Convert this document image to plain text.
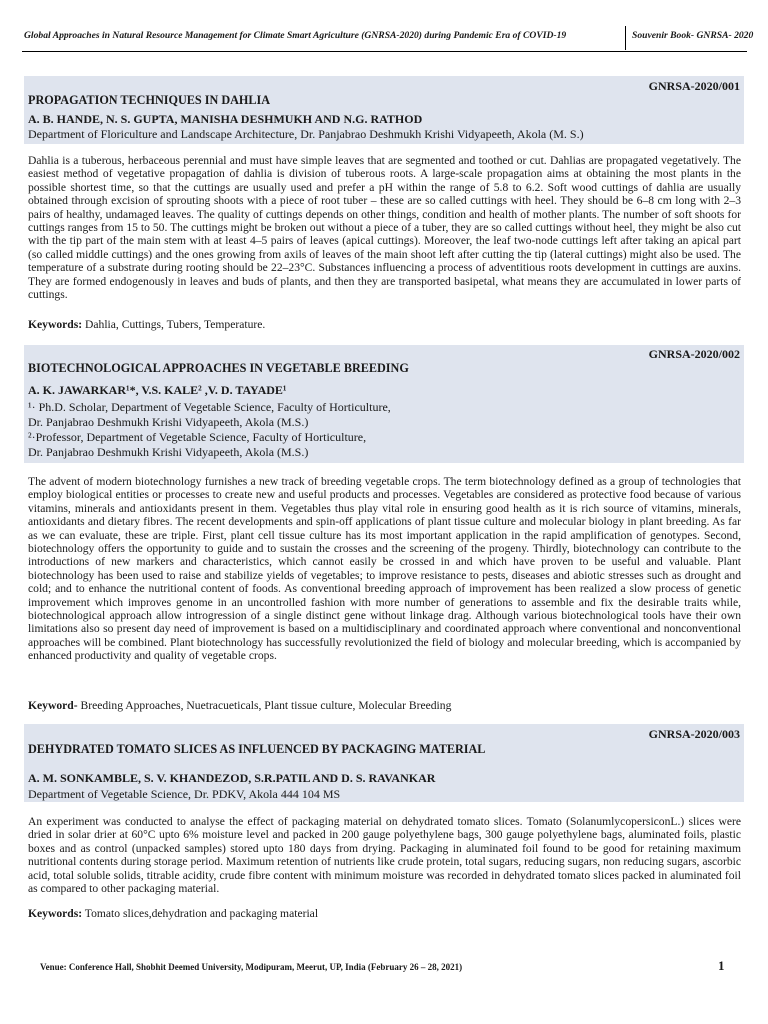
Global Approaches in Natural Resource Management for Climate Smart Agriculture (GNRSA-2020) during Pandemic Era of COVID-19	Souvenir Book- GNRSA- 2020
GNRSA-2020/001
PROPAGATION TECHNIQUES IN DAHLIA
A. B. HANDE, N. S. GUPTA, MANISHA DESHMUKH AND N.G. RATHOD
Department of Floriculture and Landscape Architecture, Dr. Panjabrao Deshmukh Krishi Vidyapeeth, Akola (M. S.)
Dahlia is a tuberous, herbaceous perennial and must have simple leaves that are segmented and toothed or cut. Dahlias are propagated vegetatively. The easiest method of vegetative propagation of dahlia is division of tuberous roots. A large-scale propagation aims at obtaining the most plants in the possible shortest time, so that the cuttings are usually used and prefer a pH within the range of 5.8 to 6.2. Soft wood cuttings of dahlia are usually obtained through excision of sprouting shoots with a piece of root tuber – these are so called cuttings with heel. They should be 6–8 cm long with 2–3 pairs of healthy, undamaged leaves. The quality of cuttings depends on other things, condition and health of mother plants. The number of soft shoots for cuttings ranges from 15 to 50. The cuttings might be broken out without a piece of a tuber, they are so called cuttings without heel, they might be also cut with the tip part of the main stem with at least 4–5 pairs of leaves (apical cuttings). Moreover, the leaf two-node cuttings left after taking an apical part (so called middle cuttings) and the ones growing from axils of leaves of the main shoot left after cutting the tip (lateral cuttings) might also be used. The temperature of a substrate during rooting should be 22–23°C. Substances influencing a process of adventitious roots development in cuttings are auxins. They are formed endogenously in leaves and buds of plants, and then they are transported basipetal, what means they are accumulated in lower parts of cuttings.
Keywords: Dahlia, Cuttings, Tubers, Temperature.
GNRSA-2020/002
BIOTECHNOLOGICAL APPROACHES IN VEGETABLE BREEDING
A. K. JAWARKAR¹*, V.S. KALE² ,V. D. TAYADE¹
¹· Ph.D. Scholar, Department of Vegetable Science, Faculty of Horticulture,
Dr. Panjabrao Deshmukh Krishi Vidyapeeth, Akola (M.S.)
²·Professor, Department of Vegetable Science, Faculty of Horticulture,
Dr. Panjabrao Deshmukh Krishi Vidyapeeth, Akola (M.S.)
The advent of modern biotechnology furnishes a new track of breeding vegetable crops. The term biotechnology defined as a group of technologies that employ biological entities or processes to create new and useful products and processes. Vegetables are considered as protective food because of various vitamins, minerals and antioxidants present in them. Vegetables thus play vital role in ensuring good health as it is rich source of vitamins, minerals, antioxidants and dietary fibres. The recent developments and spin-off applications of plant tissue culture and molecular biology in plant breeding. As far as we can evaluate, these are triple. First, plant cell tissue culture has its most important application in the rapid amplification of genotypes. Second, biotechnology offers the opportunity to guide and to sustain the crosses and the screening of the progeny. Thirdly, biotechnology can contribute to the introductions of new markers and characteristics, which cannot easily be crossed in and which have proven to be useful and valuable. Plant biotechnology has been used to raise and stabilize yields of vegetables; to improve resistance to pests, diseases and abiotic stresses such as drought and cold; and to enhance the nutritional content of foods. As conventional breeding approach of improvement has been realized a slow process of genetic improvement which improves genome in an uncontrolled fashion with more number of generations to assemble and fix the desirable traits while, biotechnological approach allow introgression of a single distinct gene without linkage drag. Although various biotechnological tools have their own limitations also so present day need of improvement is based on a multidisciplinary and coordinated approach where conventional and nonconventional approaches will be combined. Plant biotechnology has successfully revolutionized the field of biology and molecular breeding, which is accompanied by enhanced productivity and quality of vegetable crops.
Keyword- Breeding Approaches, Nuetracueticals, Plant tissue culture, Molecular Breeding
GNRSA-2020/003
DEHYDRATED TOMATO SLICES AS INFLUENCED BY PACKAGING MATERIAL
A. M. SONKAMBLE, S. V. KHANDEZOD, S.R.PATIL AND D. S. RAVANKAR
Department of Vegetable Science, Dr. PDKV, Akola 444 104 MS
An experiment was conducted to analyse the effect of packaging material on dehydrated tomato slices. Tomato (SolanumlycopersiconL.) slices were dried in solar drier at 60°C upto 6% moisture level and packed in 200 gauge polyethylene bags, 300 gauge polyethylene bags, aluminated foils, plastic boxes and as control (unpacked samples) stored upto 180 days from drying. Packaging in aluminated foil found to be good for retaining maximum nutritional contents during storage period. Maximum retention of nutrients like crude protein, total sugars, reducing sugars, non reducing sugars, ascorbic acid, total soluble solids, titrable acidity, crude fibre content with minimum moisture was recorded in dehydrated tomato slices packed in aluminated foil as compared to other packaging material.
Keywords: Tomato slices,dehydration and packaging material
Venue: Conference Hall, Shobhit Deemed University, Modipuram, Meerut, UP, India (February 26 – 28, 2021)	1
